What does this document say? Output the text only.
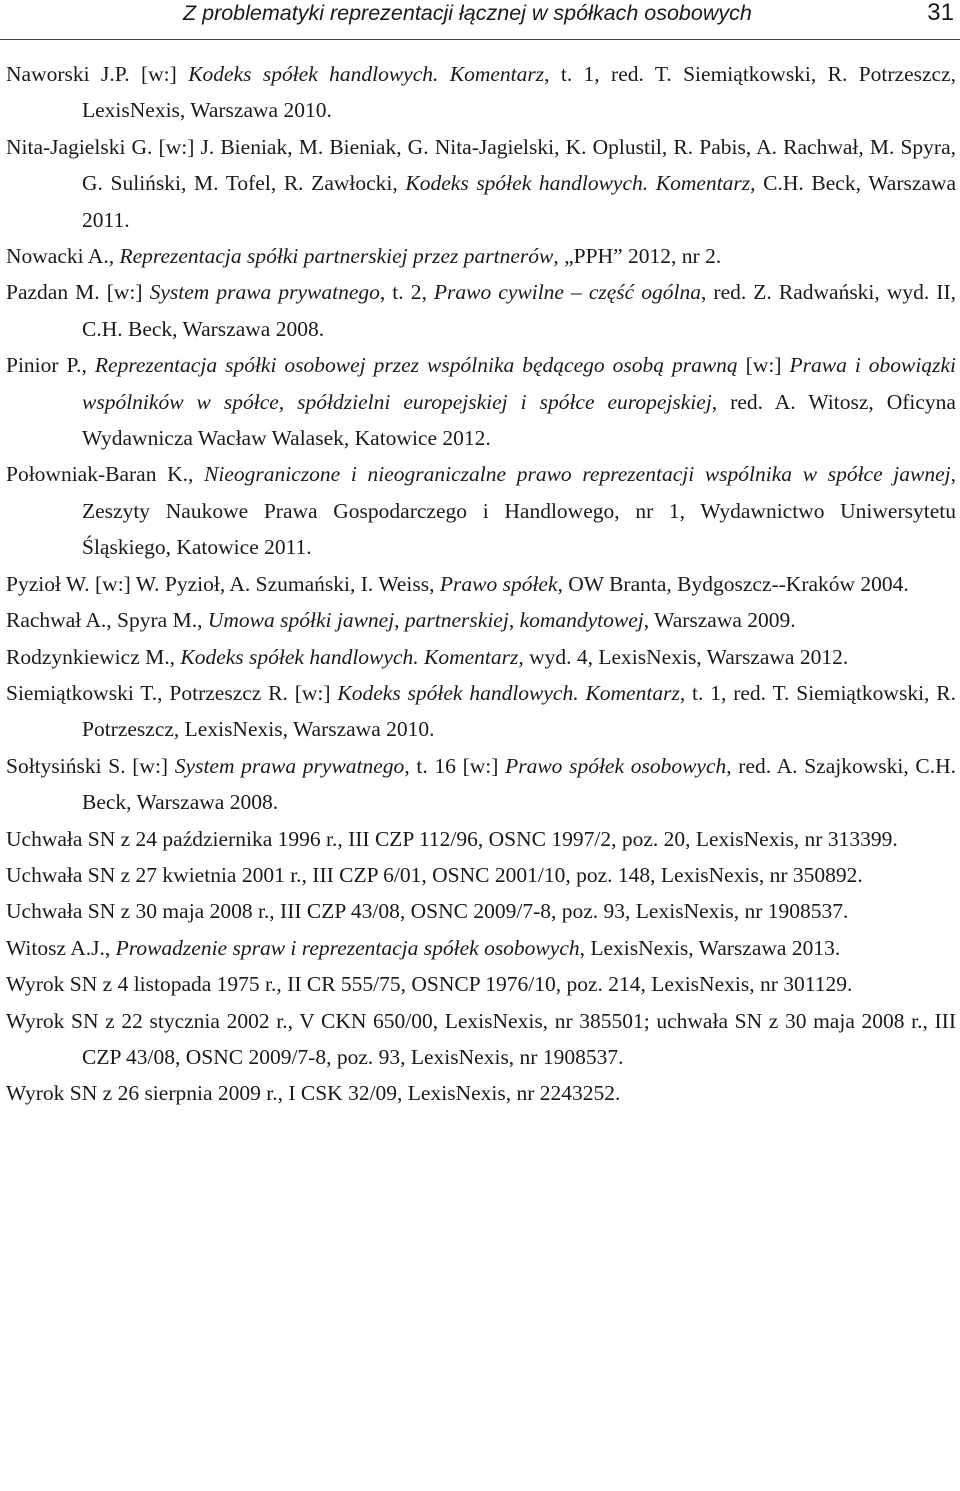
Z problematyki reprezentacji łącznej w spółkach osobowych	31

Naworski J.P. [w:] Kodeks spółek handlowych. Komentarz, t. 1, red. T. Siemiątkowski, R. Potrzeszcz, LexisNexis, Warszawa 2010.

Nita-Jagielski G. [w:] J. Bieniak, M. Bieniak, G. Nita-Jagielski, K. Oplustil, R. Pabis, A. Rachwał, M. Spyra, G. Suliński, M. Tofel, R. Zawłocki, Kodeks spółek handlowych. Komentarz, C.H. Beck, Warszawa 2011.

Nowacki A., Reprezentacja spółki partnerskiej przez partnerów, „PPH” 2012, nr 2.

Pazdan M. [w:] System prawa prywatnego, t. 2, Prawo cywilne – część ogólna, red. Z. Radwański, wyd. II, C.H. Beck, Warszawa 2008.

Pinior P., Reprezentacja spółki osobowej przez wspólnika będącego osobą prawną [w:] Prawa i obowiązki wspólników w spółce, spółdzielni europejskiej i spółce europejskiej, red. A. Witosz, Oficyna Wydawnicza Wacław Walasek, Katowice 2012.

Połowniak-Baran K., Nieograniczone i nieograniczalne prawo reprezentacji wspólnika w spółce jawnej, Zeszyty Naukowe Prawa Gospodarczego i Handlowego, nr 1, Wydawnictwo Uniwersytetu Śląskiego, Katowice 2011.

Pyzioł W. [w:] W. Pyzioł, A. Szumański, I. Weiss, Prawo spółek, OW Branta, Bydgoszcz--Kraków 2004.

Rachwał A., Spyra M., Umowa spółki jawnej, partnerskiej, komandytowej, Warszawa 2009.

Rodzynkiewicz M., Kodeks spółek handlowych. Komentarz, wyd. 4, LexisNexis, Warszawa 2012.

Siemiątkowski T., Potrzeszcz R. [w:] Kodeks spółek handlowych. Komentarz, t. 1, red. T. Siemiątkowski, R. Potrzeszcz, LexisNexis, Warszawa 2010.

Sołtysiński S. [w:] System prawa prywatnego, t. 16 [w:] Prawo spółek osobowych, red. A. Szajkowski, C.H. Beck, Warszawa 2008.

Uchwała SN z 24 października 1996 r., III CZP 112/96, OSNC 1997/2, poz. 20, LexisNexis, nr 313399.

Uchwała SN z 27 kwietnia 2001 r., III CZP 6/01, OSNC 2001/10, poz. 148, LexisNexis, nr 350892.

Uchwała SN z 30 maja 2008 r., III CZP 43/08, OSNC 2009/7-8, poz. 93, LexisNexis, nr 1908537.

Witosz A.J., Prowadzenie spraw i reprezentacja spółek osobowych, LexisNexis, Warszawa 2013.

Wyrok SN z 4 listopada 1975 r., II CR 555/75, OSNCP 1976/10, poz. 214, LexisNexis, nr 301129.

Wyrok SN z 22 stycznia 2002 r., V CKN 650/00, LexisNexis, nr 385501; uchwała SN z 30 maja 2008 r., III CZP 43/08, OSNC 2009/7-8, poz. 93, LexisNexis, nr 1908537.

Wyrok SN z 26 sierpnia 2009 r., I CSK 32/09, LexisNexis, nr 2243252.
